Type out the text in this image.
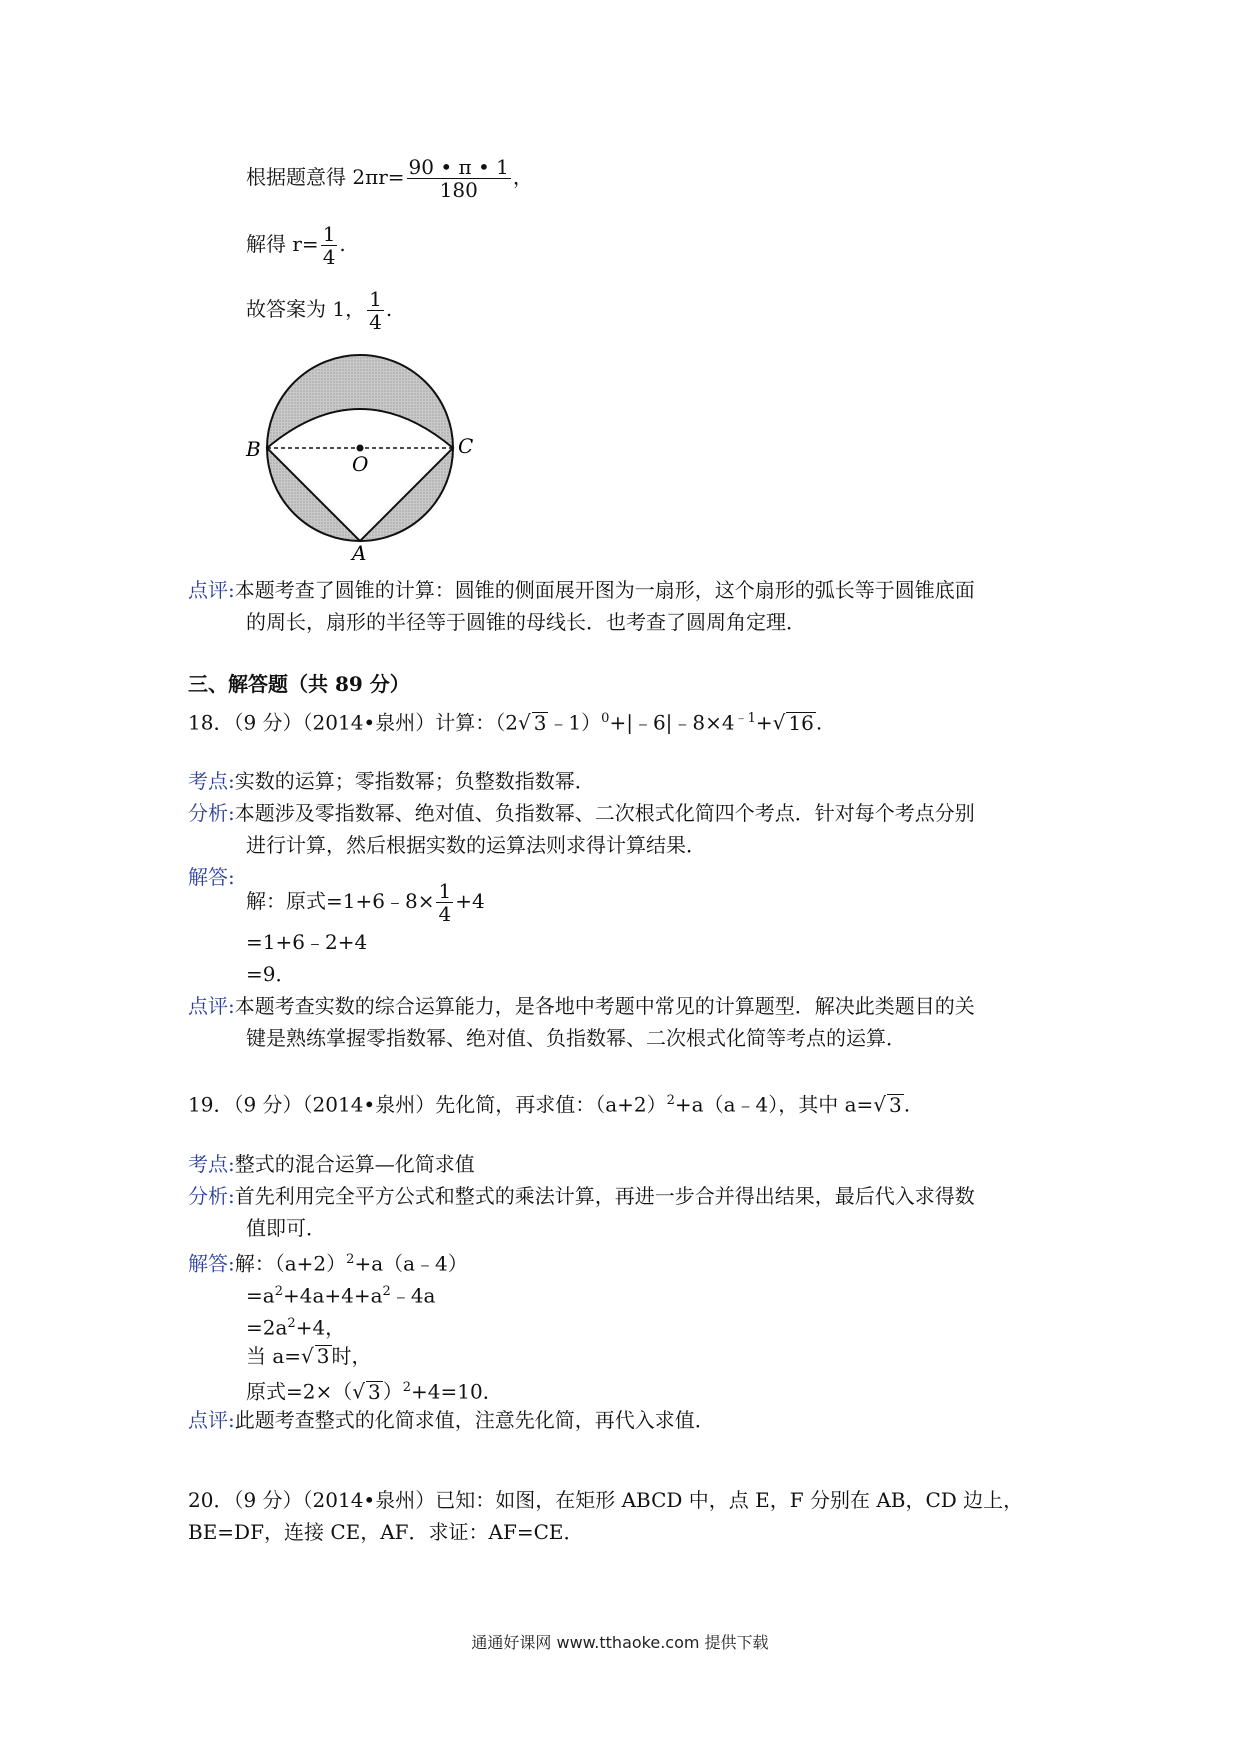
根据题意得 $2\pi r= \frac{90 • \pi • 1}{180}$ ，
解得 $r= \frac{1}{4}$ .
故答案为 1， $\frac{1}{4}$ .
B	C
O
A
点评:本题考查了圆锥的计算：圆锥的侧面展开图为一扇形，这个扇形的弧长等于圆锥底面
的周长，扇形的半径等于圆锥的母线长．也考查了圆周角定理．
三、解答题（共 89 分）
18．（9 分）（2014•泉州）计算：（2√ 3 $﹣1)^0+|﹣6|﹣8\times 4^{﹣1}+√$ 16 .
考点:实数的运算；零指数幂；负整数指数幂．
分析:本题涉及零指数幂、绝对值、负指数幂、二次根式化简四个考点．针对每个考点分别
进行计算，然后根据实数的运算法则求得计算结果．
解答:
解：原式=1+6﹣8× $\frac{1}{4} +4$
=1+6﹣2+4
=9．
点评:本题考查实数的综合运算能力，是各地中考题中常见的计算题型．解决此类题目的关
键是熟练掌握零指数幂、绝对值、负指数幂、二次根式化简等考点的运算．
19．（9 分）（2014•泉州）先化简，再求值：$(a+2)^2+a(a﹣4)$，其中 a=√ 3 .
考点:整式的混合运算—化简求值
分析:首先利用完全平方公式和整式的乘法计算，再进一步合并得出结果，最后代入求得数
值即可．
解答:解：$(a+2)^2+a(a﹣4)$
$=a^2+4a+4+a^2﹣4a$
$=2a^2+4$，
当 a=√ 3 时，
原式=2×（√ 3 ）$^2$+4=10．
点评:此题考查整式的化简求值，注意先化简，再代入求值．
20．（9 分）（2014•泉州）已知：如图，在矩形 ABCD 中，点 E，F 分别在 AB，CD 边上，
BE=DF，连接 CE，AF．求证：AF=CE．
通通好课网 www.tthaoke.com 提供下载
